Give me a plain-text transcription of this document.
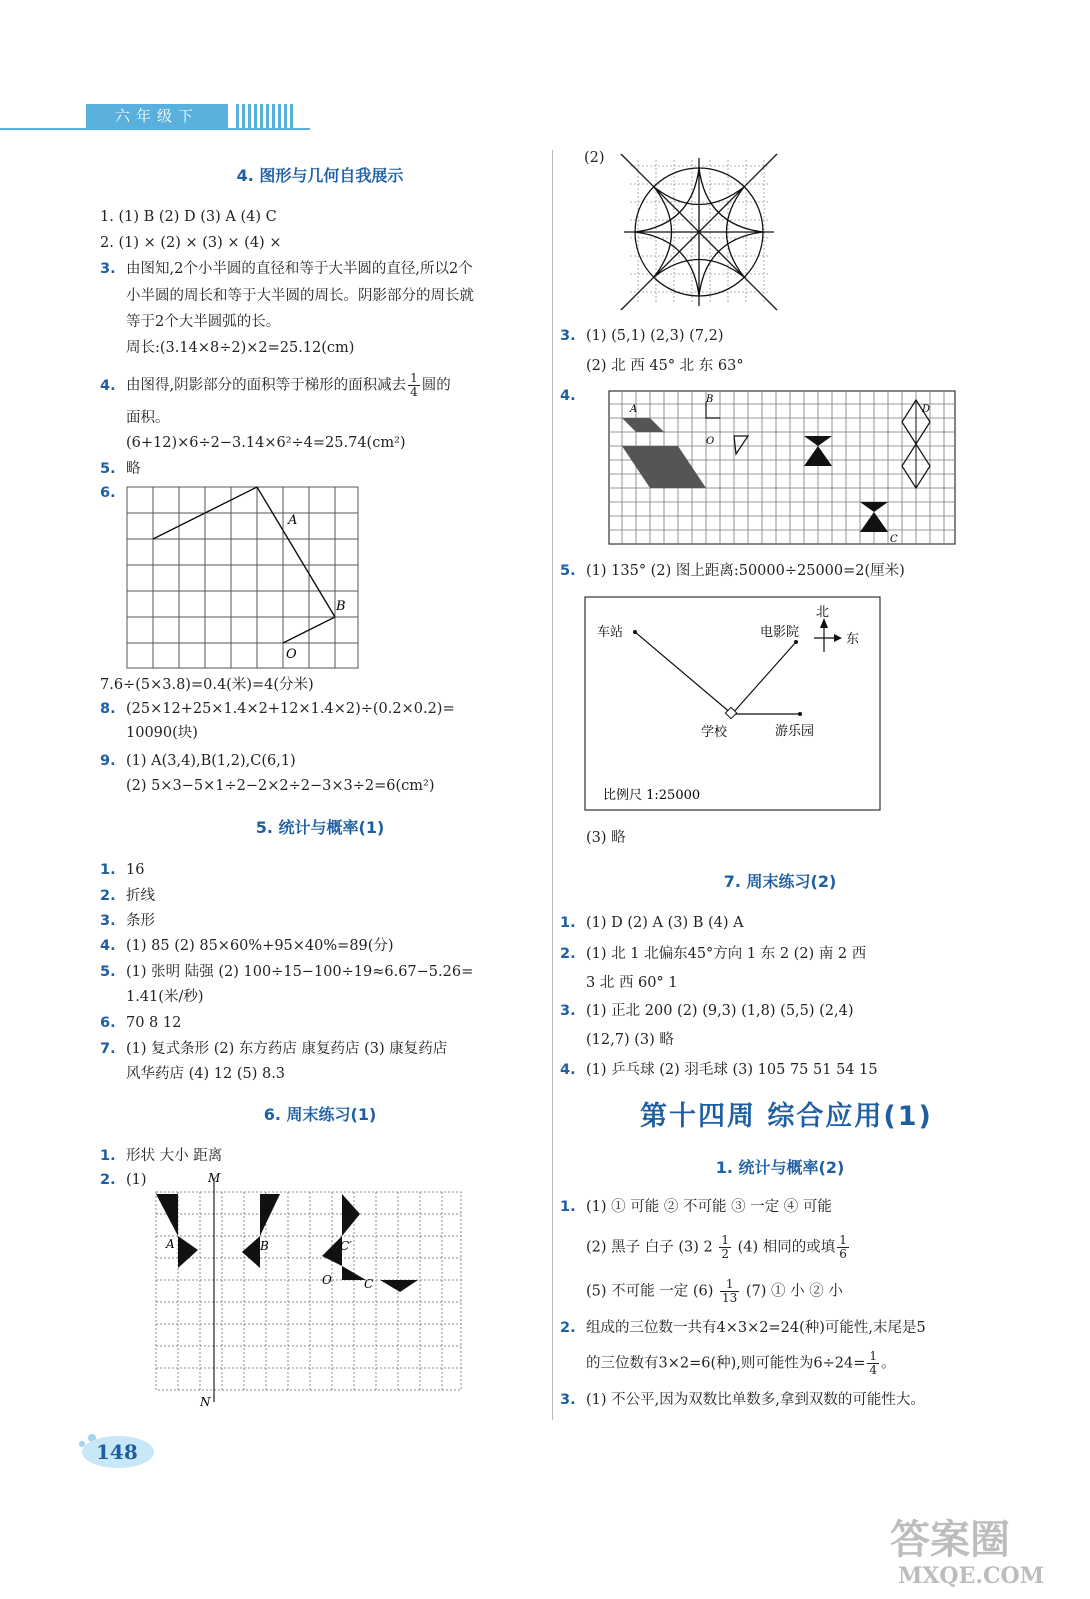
六年级下
4. 图形与几何自我展示
1. (1) B (2) D (3) A (4) C
2. (1) × (2) × (3) × (4) ×
3. 由图知,2个小半圆的直径和等于大半圆的直径,所以2个
小半圆的周长和等于大半圆的周长。阴影部分的周长就
等于2个大半圆弧的长。
周长:(3.14×8÷2)×2=25.12(cm)
4. 由图得,阴影部分的面积等于梯形的面积减去 $\frac{1}{4}$ 圆的
面积。
(6+12)×6÷2−3.14×6²÷4=25.74(cm²)
5. 略
6.
A
B
O
7.6÷(5×3.8)=0.4(米)=4(分米)
8. (25×12+25×1.4×2+12×1.4×2)÷(0.2×0.2)=
10090(块)
9. (1) A(3,4),B(1,2),C(6,1)
(2) 5×3−5×1÷2−2×2÷2−3×3÷2=6(cm²)
5. 统计与概率(1)
1. 16
2. 折线
3. 条形
4. (1) 85 (2) 85×60%+95×40%=89(分)
5. (1) 张明 陆强 (2) 100÷15−100÷19≈6.67−5.26=
1.41(米/秒)
6. 70 8 12
7. (1) 复式条形 (2) 东方药店 康复药店 (3) 康复药店
风华药店 (4) 12 (5) 8.3
6. 周末练习(1)
1. 形状 大小 距离
2. (1)	M
N
A	B	C′
C
O
148
(2)
3. (1) (5,1) (2,3) (7,2)
(2) 北 西 45° 北 东 63°
4.
A
B
O
C
D
5. (1) 135° (2) 图上距离:50000÷25000=2(厘米)
车站	电影院
北
东
学校	游乐园
比例尺 1:25000
(3) 略
7. 周末练习(2)
1. (1) D (2) A (3) B (4) A
2. (1) 北 1 北偏东45°方向 1 东 2 (2) 南 2 西
3 北 西 60° 1
3. (1) 正北 200 (2) (9,3) (1,8) (5,5) (2,4)
(12,7) (3) 略
4. (1) 乒乓球 (2) 羽毛球 (3) 105 75 51 54 15
第十四周 综合应用(1)
1. 统计与概率(2)
1. (1) ① 可能 ② 不可能 ③ 一定 ④ 可能
(2) 黑子 白子 (3) $2 \frac{1}{2} (4)$ 相同的或填 $\frac{1}{6}$
(5) 不可能 一定 $(6) \frac{1}{13} (7)$ ① 小 ② 小
2. 组成的三位数一共有4×3×2=24(种)可能性,末尾是5
的三位数有3×2=6(种),则可能性为$6\div 24= \frac{1}{4}$ 。
3. (1) 不公平,因为双数比单数多,拿到双数的可能性大。
答案圈
MXQE.COM
